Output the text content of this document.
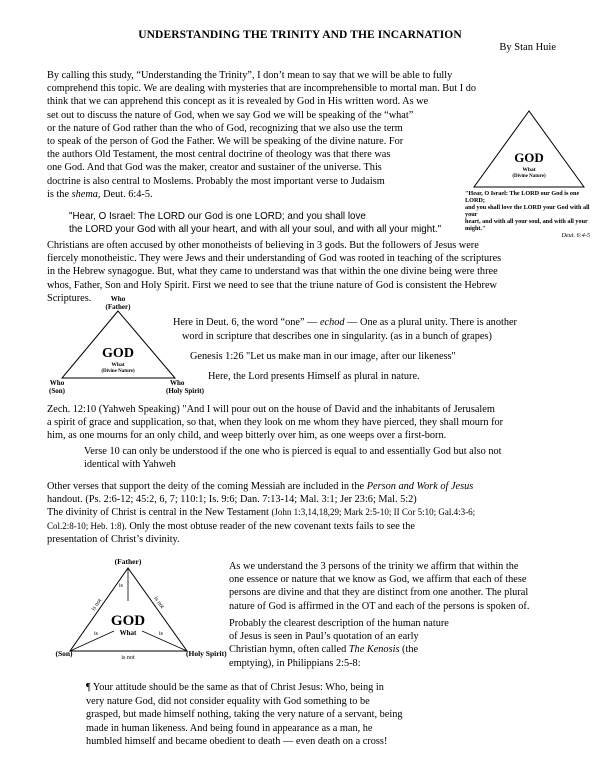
UNDERSTANDING THE TRINITY AND THE INCARNATION
By Stan Huie
By calling this study, “Understanding the Trinity”, I don’t mean to say that we will be able to fully
comprehend this topic. We are dealing with mysteries that are incomprehensible to mortal man. But I do
think that we can apprehend this concept as it is revealed by God in His written word. As we
set out to discuss the nature of God, when we say God we will be speaking of the “what”
or the nature of God rather than the who of God, recognizing that we also use the term
to speak of the person of God the Father. We will be speaking of the divine nature. For
the authors Old Testament, the most central doctrine of theology was that there was
one God. And that God was the maker, creator and sustainer of the universe. This
doctrine is also central to Moslems. Probably the most important verse to Judaism
is the shema, Deut. 6:4-5.
GOD
What
(Divine Nature)
"Hear, O Israel: The LORD our God is one LORD;
and you shall love the LORD your God with all your
heart, and with all your soul, and with all your might."
Deut. 6:4-5
"Hear, O Israel: The LORD our God is one LORD; and you shall love
the LORD your God with all your heart, and with all your soul, and with all your might."
Christians are often accused by other monotheists of believing in 3 gods. But the followers of Jesus were
fiercely monotheistic. They were Jews and their understanding of God was rooted in teaching of the scriptures
in the Hebrew synagogue. But, what they came to understand was that within the one divine being were three
whos, Father, Son and Holy Spirit. First we need to see that the triune nature of God is consistent the Hebrew
Scriptures.	Who
(Father)
GOD
What
(Divine Nature)
Who
(Son)
Who
(Holy Spirit)
Here in Deut. 6, the word “one” — echod — One as a plural unity. There is another
word in scripture that describes one in singularity. (as in a bunch of grapes)
Genesis 1:26 "Let us make man in our image, after our likeness"
Here, the Lord presents Himself as plural in nature.
Zech. 12:10 (Yahweh Speaking) "And I will pour out on the house of David and the inhabitants of Jerusalem
a spirit of grace and supplication, so that, when they look on me whom they have pierced, they shall mourn for
him, as one mourns for an only child, and weep bitterly over him, as one weeps over a first-born.
Verse 10 can only be understood if the one who is pierced is equal to and essentially God but also not
identical with Yahweh
Other verses that support the deity of the coming Messiah are included in the Person and Work of Jesus
handout. (Ps. 2:6-12; 45:2, 6, 7; 110:1; Is. 9:6; Dan. 7:13-14; Mal. 3:1; Jer 23:6; Mal. 5:2)
The divinity of Christ is central in the New Testament (John 1:3,14,18,29; Mark 2:5-10; II Cor 5:10; Gal.4:3-6;
Col.2:8-10; Heb. 1:8). Only the most obtuse reader of the new covenant texts fails to see the
presentation of Christ’s divinity.
(Father)
GOD
What
is
is	is
is not	is not
is not
(Son)	(Holy Spirit)
As we understand the 3 persons of the trinity we affirm that within the
one essence or nature that we know as God, we affirm that each of these
persons are divine and that they are distinct from one another. The plural
nature of God is affirmed in the OT and each of the persons is spoken of.
Probably the clearest description of the human nature
of Jesus is seen in Paul’s quotation of an early
Christian hymn, often called The Kenosis (the
emptying), in Philippians 2:5-8:
¶ Your attitude should be the same as that of Christ Jesus: Who, being in
very nature God, did not consider equality with God something to be
grasped, but made himself nothing, taking the very nature of a servant, being
made in human likeness. And being found in appearance as a man, he
humbled himself and became obedient to death — even death on a cross!
